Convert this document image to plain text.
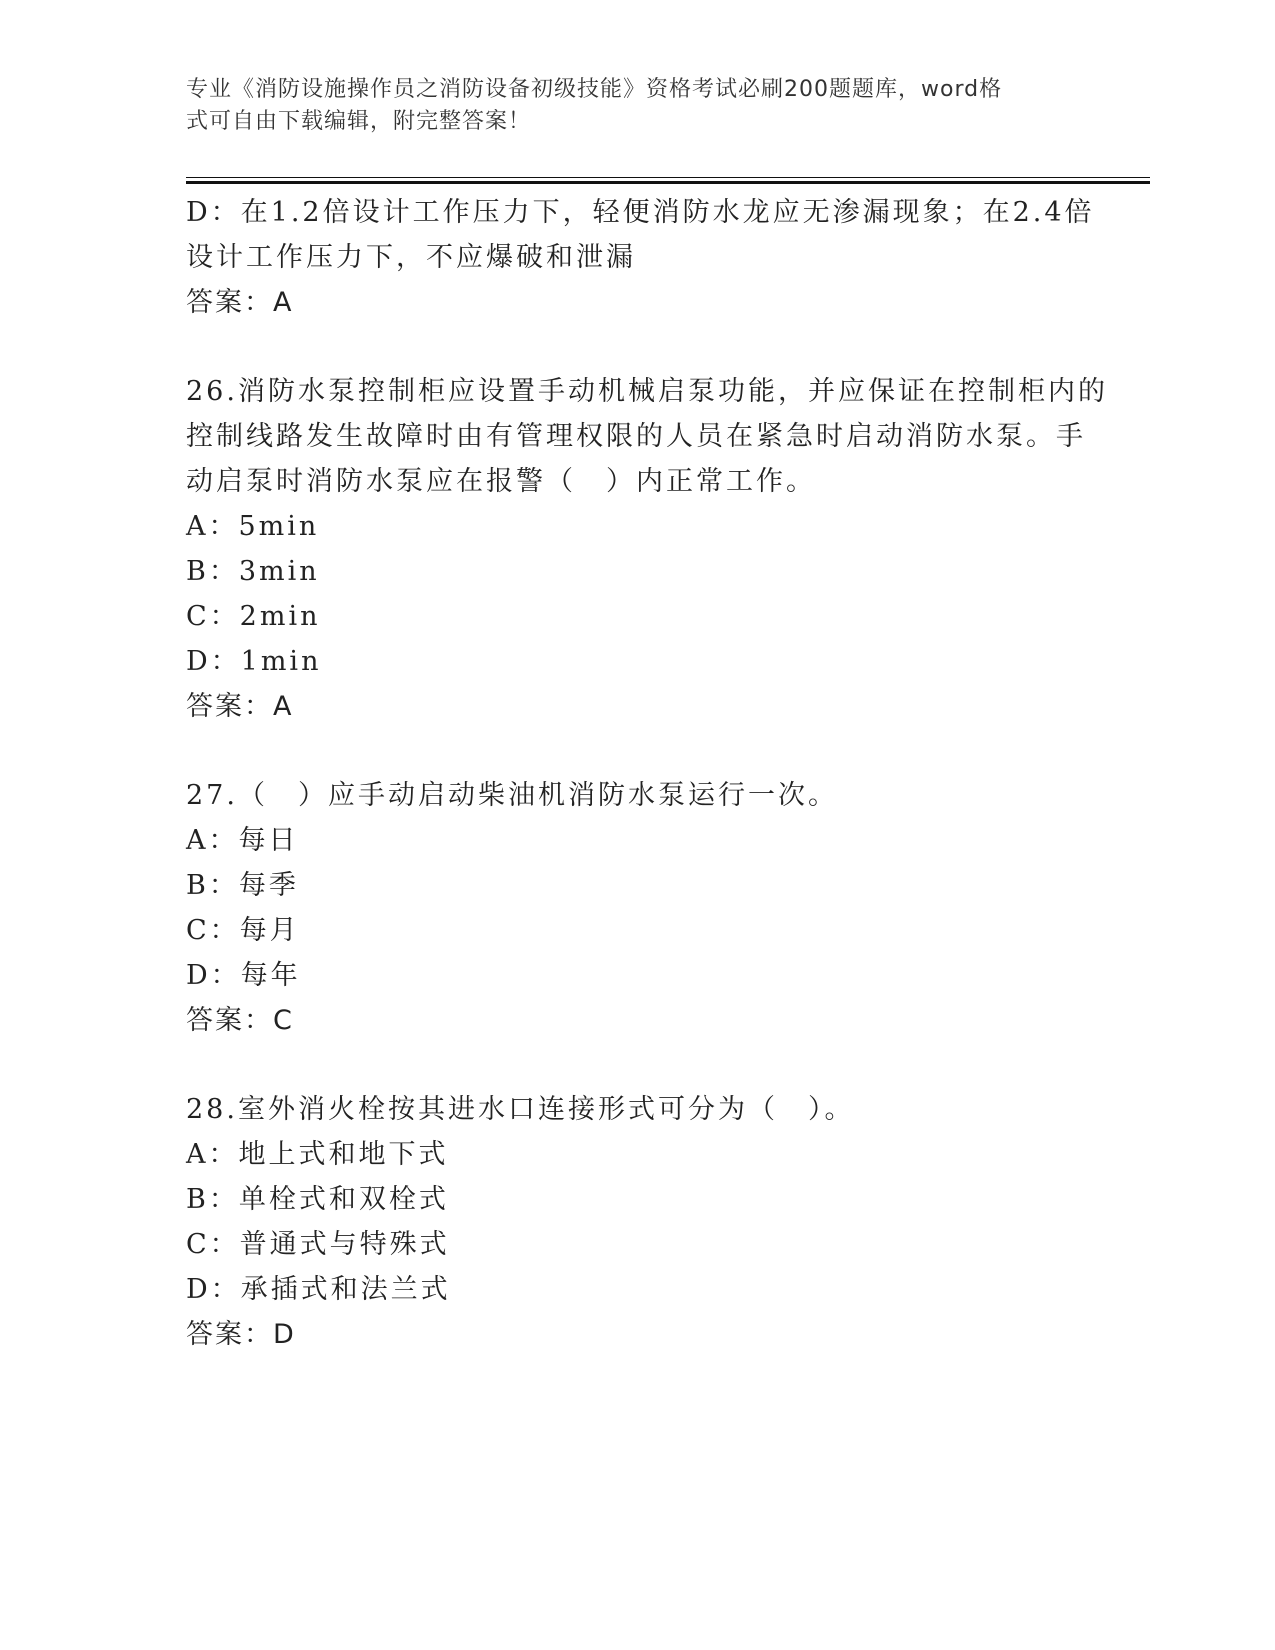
专业《消防设施操作员之消防设备初级技能》资格考试必刷200题题库，word格
式可自由下载编辑，附完整答案！
D：在1.2倍设计工作压力下，轻便消防水龙应无渗漏现象；在2.4倍
设计工作压力下，不应爆破和泄漏
答案：A
26.消防水泵控制柜应设置手动机械启泵功能，并应保证在控制柜内的
控制线路发生故障时由有管理权限的人员在紧急时启动消防水泵。手
动启泵时消防水泵应在报警（　）内正常工作。
A：5min
B：3min
C：2min
D：1min
答案：A
27.（　）应手动启动柴油机消防水泵运行一次。
A：每日
B：每季
C：每月
D：每年
答案：C
28.室外消火栓按其进水口连接形式可分为（　）。
A：地上式和地下式
B：单栓式和双栓式
C：普通式与特殊式
D：承插式和法兰式
答案：D
